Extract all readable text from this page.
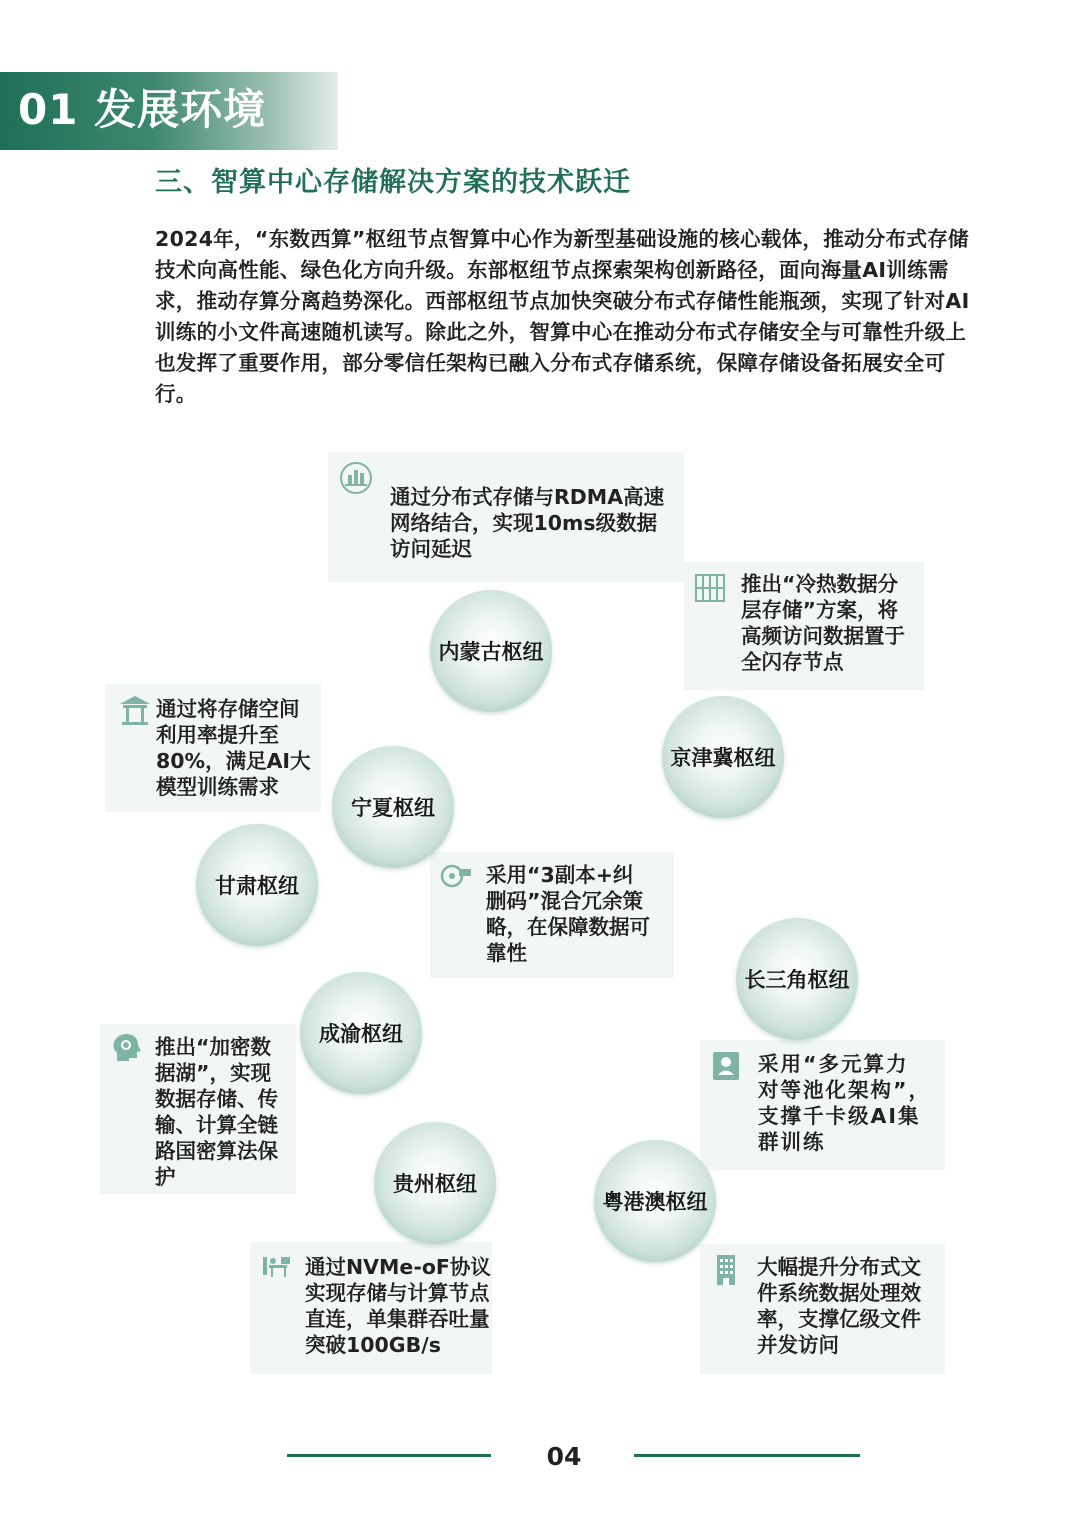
01 发展环境
三、智算中心存储解决方案的技术跃迁

2024年，“东数西算”枢纽节点智算中心作为新型基础设施的核心载体，推动分布式存储技术向高性能、绿色化方向升级。东部枢纽节点探索架构创新路径，面向海量AI训练需求，推动存算分离趋势深化。西部枢纽节点加快突破分布式存储性能瓶颈，实现了针对AI训练的小文件高速随机读写。除此之外，智算中心在推动分布式存储安全与可靠性升级上也发挥了重要作用，部分零信任架构已融入分布式存储系统，保障存储设备拓展安全可行。

通过分布式存储与RDMA高速
网络结合，实现10ms级数据
访问延迟
推出“冷热数据分
层存储”方案，将
高频访问数据置于
全闪存节点
通过将存储空间
利用率提升至
80%，满足AI大
模型训练需求
采用“3副本+纠
删码”混合冗余策
略，在保障数据可
靠性
采用“多元算力
对等池化架构”，
支撑千卡级AI集
群训练
推出“加密数
据湖”，实现
数据存储、传
输、计算全链
路国密算法保
护
通过NVMe-oF协议
实现存储与计算节点
直连，单集群吞吐量
突破100GB/s
大幅提升分布式文
件系统数据处理效
率，支撑亿级文件
并发访问
内蒙古枢纽
京津冀枢纽
宁夏枢纽
甘肃枢纽
长三角枢纽
成渝枢纽
贵州枢纽
粤港澳枢纽
04
